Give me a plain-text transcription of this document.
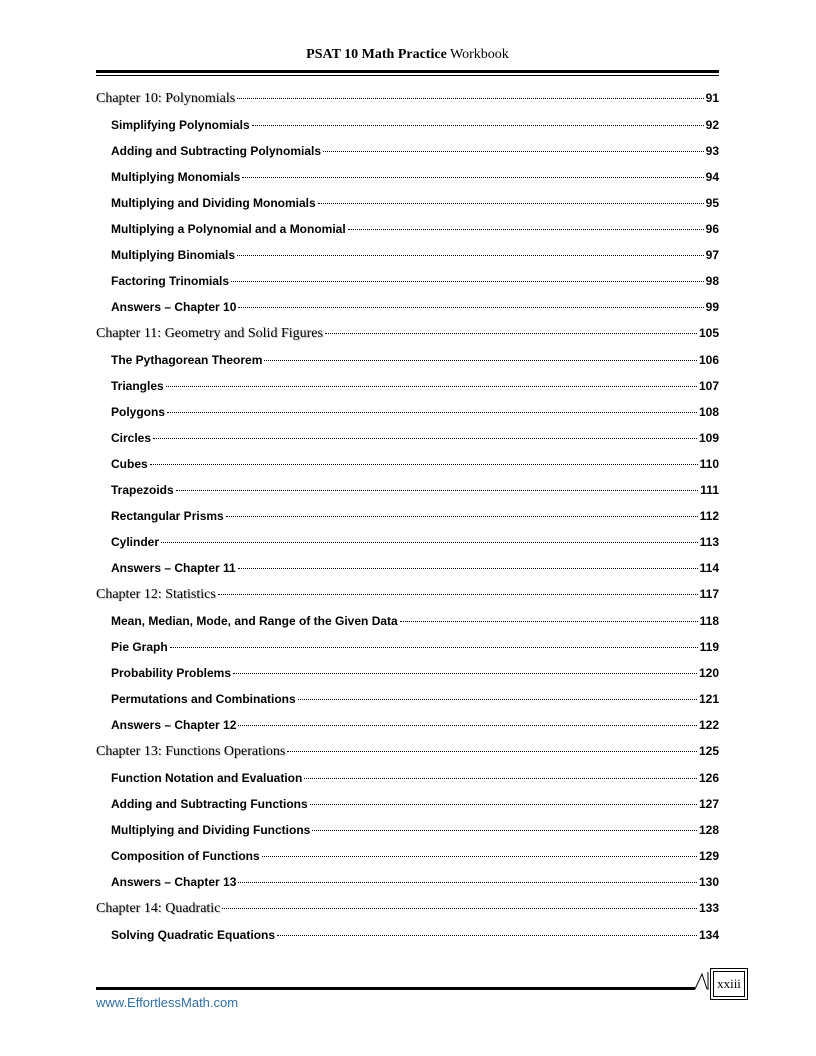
PSAT 10 Math Practice Workbook
Chapter 10: Polynomials	91
Simplifying Polynomials	92
Adding and Subtracting Polynomials	93
Multiplying Monomials	94
Multiplying and Dividing Monomials	95
Multiplying a Polynomial and a Monomial	96
Multiplying Binomials	97
Factoring Trinomials	98
Answers – Chapter 10	99
Chapter 11: Geometry and Solid Figures	105
The Pythagorean Theorem	106
Triangles	107
Polygons	108
Circles	109
Cubes	110
Trapezoids	111
Rectangular Prisms	112
Cylinder	113
Answers – Chapter 11	114
Chapter 12: Statistics	117
Mean, Median, Mode, and Range of the Given Data	118
Pie Graph	119
Probability Problems	120
Permutations and Combinations	121
Answers – Chapter 12	122
Chapter 13: Functions Operations	125
Function Notation and Evaluation	126
Adding and Subtracting Functions	127
Multiplying and Dividing Functions	128
Composition of Functions	129
Answers – Chapter 13	130
Chapter 14: Quadratic	133
Solving Quadratic Equations	134
xxiii
www.EffortlessMath.com
